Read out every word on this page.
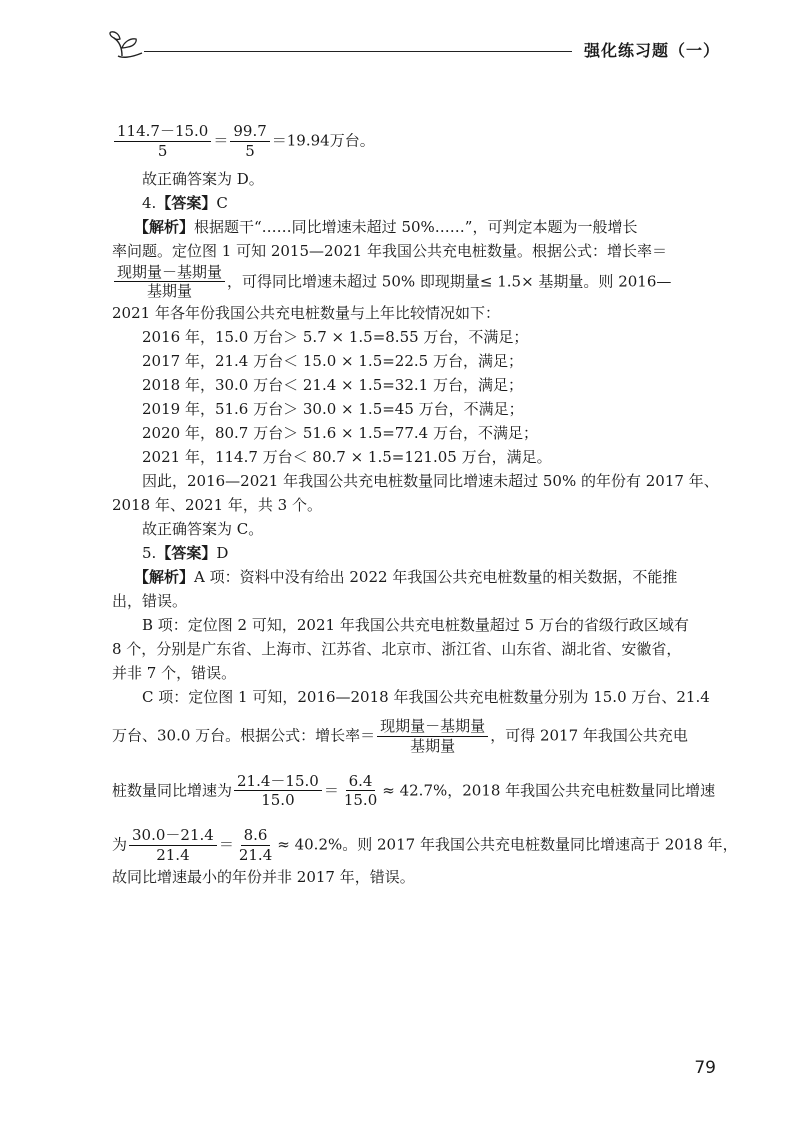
强化练习题（一）

$\frac{114.7-15.0}{5} = \frac{99.7}{5} =19.94$万台。

故正确答案为 D。

4.【答案】C

【解析】根据题干“……同比增速未超过 50%……”，可判定本题为一般增长

率问题。定位图 1 可知 2015—2021 年我国公共充电桩数量。根据公式：增长率＝

$\frac{\text{现期量－基期量}}{\text{基期量}}$ ，可得同比增速未超过 50% 即现期量≤ 1.5× 基期量。则 2016—

2021 年各年份我国公共充电桩数量与上年比较情况如下：

2016 年，15.0 万台＞ 5.7 × 1.5=8.55 万台，不满足；

2017 年，21.4 万台＜ 15.0 × 1.5=22.5 万台，满足；

2018 年，30.0 万台＜ 21.4 × 1.5=32.1 万台，满足；

2019 年，51.6 万台＞ 30.0 × 1.5=45 万台，不满足；

2020 年，80.7 万台＞ 51.6 × 1.5=77.4 万台，不满足；

2021 年，114.7 万台＜ 80.7 × 1.5=121.05 万台，满足。

因此，2016—2021 年我国公共充电桩数量同比增速未超过 50% 的年份有 2017 年、

2018 年、2021 年，共 3 个。

故正确答案为 C。

5.【答案】D

【解析】A 项：资料中没有给出 2022 年我国公共充电桩数量的相关数据，不能推

出，错误。

B 项：定位图 2 可知，2021 年我国公共充电桩数量超过 5 万台的省级行政区域有

8 个，分别是广东省、上海市、江苏省、北京市、浙江省、山东省、湖北省、安徽省，

并非 7 个，错误。

C 项：定位图 1 可知，2016—2018 年我国公共充电桩数量分别为 15.0 万台、21.4

万台、30.0 万台。根据公式：增长率＝ $\frac{\text{现期量－基期量}}{\text{基期量}}$ ，可得 2017 年我国公共充电

桩数量同比增速为 $\frac{21.4-15.0}{15.0} = \frac{6.4}{15.0} \approx 42.7\%$，2018 年我国公共充电桩数量同比增速

为 $\frac{30.0-21.4}{21.4} = \frac{8.6}{21.4} \approx 40.2\%$。则 2017 年我国公共充电桩数量同比增速高于 2018 年，

故同比增速最小的年份并非 2017 年，错误。

79
